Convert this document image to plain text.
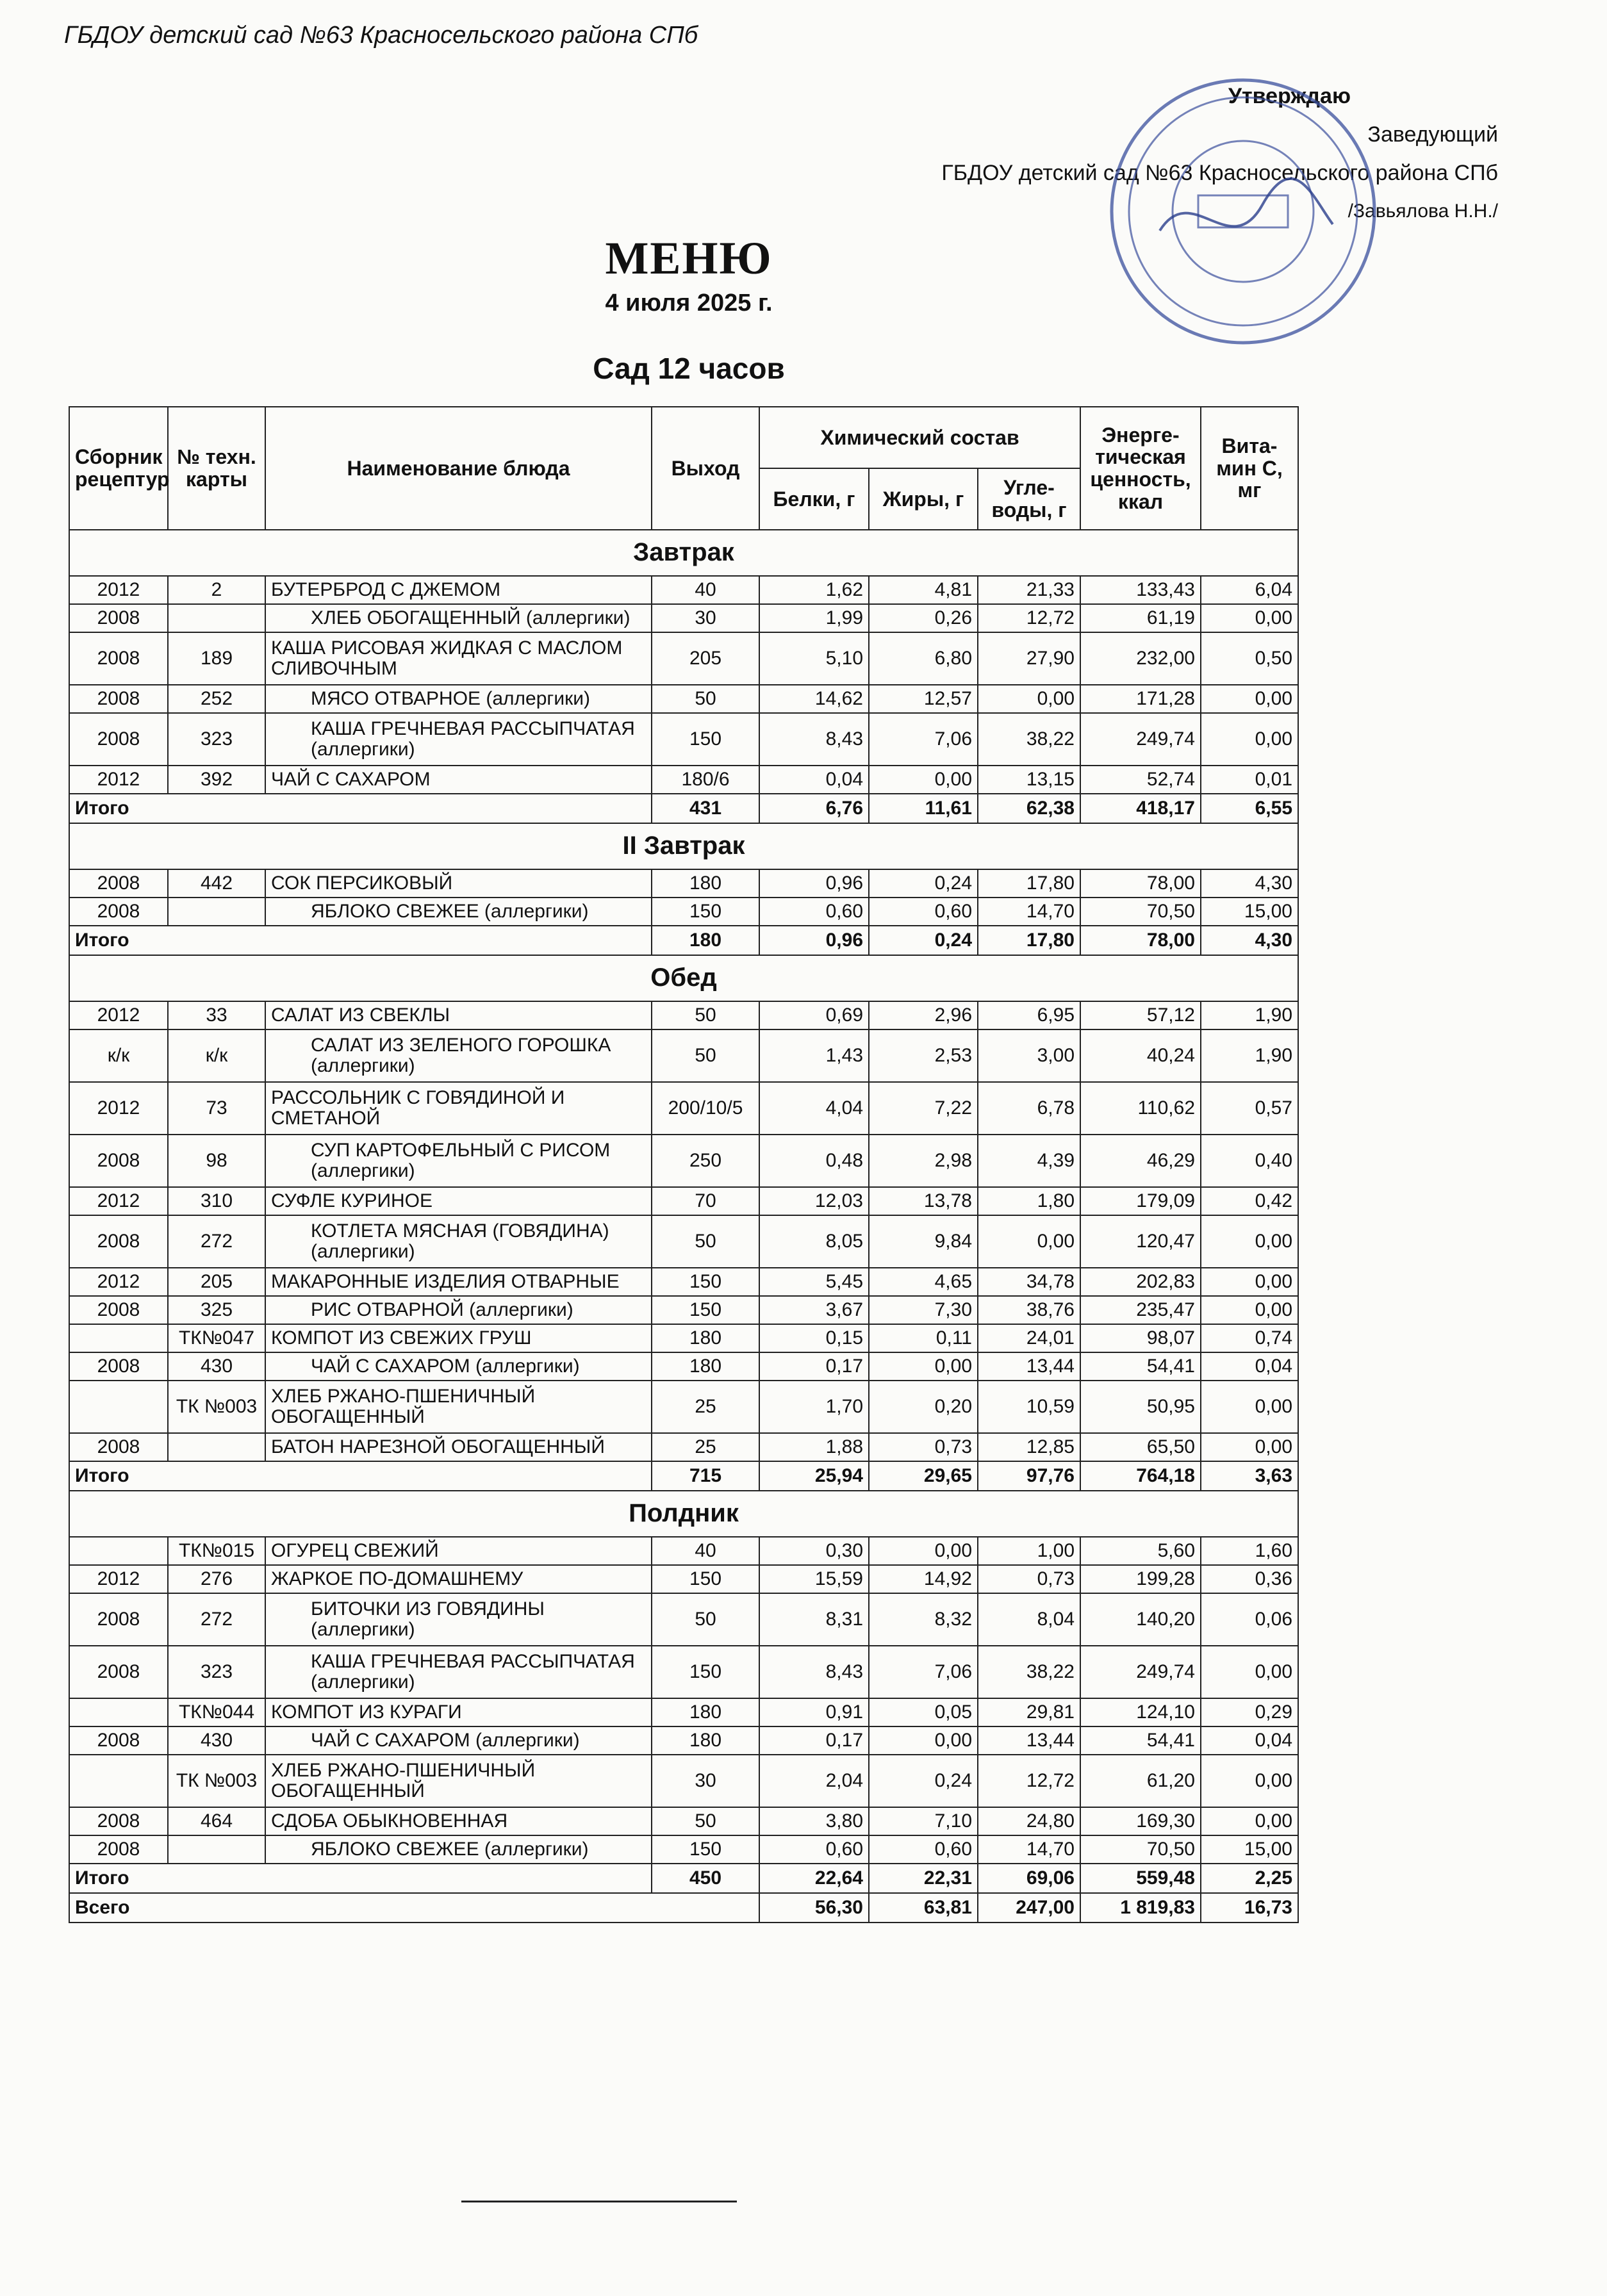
ГБДОУ детский сад №63 Красносельского района СПб
Утверждаю
Заведующий
ГБДОУ детский сад №63 Красносельского района СПб
/Завьялова Н.Н./
МЕНЮ
4 июля 2025 г.
Сад 12 часов
Сборник рецептур	№ техн. карты	Наименование блюда	Выход	Химический состав			Энерге-тическая ценность, ккал	Вита-мин С, мг
				Белки, г	Жиры, г	Угле-воды, г		
Завтрак								
2012	2	БУТЕРБРОД С ДЖЕМОМ	40	1,62	4,81	21,33	133,43	6,04
2008		ХЛЕБ ОБОГАЩЕННЫЙ (аллергики)	30	1,99	0,26	12,72	61,19	0,00
2008	189	КАША РИСОВАЯ ЖИДКАЯ С МАСЛОМ СЛИВОЧНЫМ	205	5,10	6,80	27,90	232,00	0,50
2008	252	МЯСО ОТВАРНОЕ (аллергики)	50	14,62	12,57	0,00	171,28	0,00
2008	323	КАША ГРЕЧНЕВАЯ РАССЫПЧАТАЯ (аллергики)	150	8,43	7,06	38,22	249,74	0,00
2012	392	ЧАЙ С САХАРОМ	180/6	0,04	0,00	13,15	52,74	0,01
Итого			431	6,76	11,61	62,38	418,17	6,55
II Завтрак								
2008	442	СОК ПЕРСИКОВЫЙ	180	0,96	0,24	17,80	78,00	4,30
2008		ЯБЛОКО СВЕЖЕЕ (аллергики)	150	0,60	0,60	14,70	70,50	15,00
Итого			180	0,96	0,24	17,80	78,00	4,30
Обед								
2012	33	САЛАТ ИЗ СВЕКЛЫ	50	0,69	2,96	6,95	57,12	1,90
к/к	к/к	САЛАТ ИЗ ЗЕЛЕНОГО ГОРОШКА (аллергики)	50	1,43	2,53	3,00	40,24	1,90
2012	73	РАССОЛЬНИК С ГОВЯДИНОЙ И СМЕТАНОЙ	200/10/5	4,04	7,22	6,78	110,62	0,57
2008	98	СУП КАРТОФЕЛЬНЫЙ С РИСОМ (аллергики)	250	0,48	2,98	4,39	46,29	0,40
2012	310	СУФЛЕ КУРИНОЕ	70	12,03	13,78	1,80	179,09	0,42
2008	272	КОТЛЕТА МЯСНАЯ (ГОВЯДИНА) (аллергики)	50	8,05	9,84	0,00	120,47	0,00
2012	205	МАКАРОННЫЕ ИЗДЕЛИЯ ОТВАРНЫЕ	150	5,45	4,65	34,78	202,83	0,00
2008	325	РИС ОТВАРНОЙ (аллергики)	150	3,67	7,30	38,76	235,47	0,00
	ТК№047	КОМПОТ ИЗ СВЕЖИХ ГРУШ	180	0,15	0,11	24,01	98,07	0,74
2008	430	ЧАЙ С САХАРОМ (аллергики)	180	0,17	0,00	13,44	54,41	0,04
	ТК №003	ХЛЕБ РЖАНО-ПШЕНИЧНЫЙ ОБОГАЩЕННЫЙ	25	1,70	0,20	10,59	50,95	0,00
2008		БАТОН НАРЕЗНОЙ ОБОГАЩЕННЫЙ	25	1,88	0,73	12,85	65,50	0,00
Итого			715	25,94	29,65	97,76	764,18	3,63
Полдник								
	ТК№015	ОГУРЕЦ СВЕЖИЙ	40	0,30	0,00	1,00	5,60	1,60
2012	276	ЖАРКОЕ ПО-ДОМАШНЕМУ	150	15,59	14,92	0,73	199,28	0,36
2008	272	БИТОЧКИ ИЗ ГОВЯДИНЫ (аллергики)	50	8,31	8,32	8,04	140,20	0,06
2008	323	КАША ГРЕЧНЕВАЯ РАССЫПЧАТАЯ (аллергики)	150	8,43	7,06	38,22	249,74	0,00
	ТК№044	КОМПОТ ИЗ КУРАГИ	180	0,91	0,05	29,81	124,10	0,29
2008	430	ЧАЙ С САХАРОМ (аллергики)	180	0,17	0,00	13,44	54,41	0,04
	ТК №003	ХЛЕБ РЖАНО-ПШЕНИЧНЫЙ ОБОГАЩЕННЫЙ	30	2,04	0,24	12,72	61,20	0,00
2008	464	СДОБА ОБЫКНОВЕННАЯ	50	3,80	7,10	24,80	169,30	0,00
2008		ЯБЛОКО СВЕЖЕЕ (аллергики)	150	0,60	0,60	14,70	70,50	15,00
Итого			450	22,64	22,31	69,06	559,48	2,25
Всего				56,30	63,81	247,00	1 819,83	16,73
